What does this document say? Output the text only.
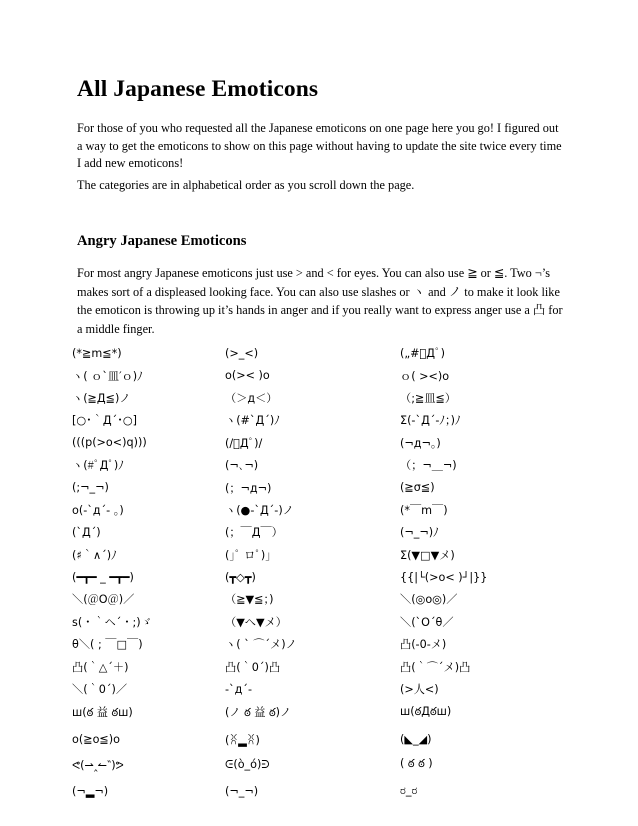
All Japanese Emoticons

For those of you who requested all the Japanese emoticons on one page here you go! I figured out a way to get the emoticons to show on this page without having to update the site twice every time I add new emoticons!

The categories are in alphabetical order as you scroll down the page.

Angry Japanese Emoticons

For most angry Japanese emoticons just use > and < for eyes. You can also use ≧ or ≦. Two ¬’s makes sort of a displeased looking face. You can also use slashes or ヽ and ノ to make it look like the emoticon is throwing up it’s hands in anger and if you really want to express anger use a 凸 for a middle finger.

(*≧m≦*)	(>_<)	(„#ﾟДﾟ)
ヽ( ｏ`皿′ｏ)ﾉ	o(>< )o	ｏ( ><)o
ヽ(≧Д≦)ノ	（＞д＜）	（;≧皿≦）
[○･｀Д´･○]	ヽ(#`Д´)ﾉ	Σ(-`Д´-ﾉ；)ﾉ
(((p(>o<)q)))	(/ﾟДﾟ)/	(¬д¬。)
ヽ(#ﾟДﾟ)ﾉ	(¬､¬)	（；¬＿¬)
(;¬_¬)	(；¬д¬)	(≧σ≦)
o(-`д´- ｡)	ヽ(●-`Д´-)ノ	(*￣m￣)
(`Д´)	(；￣Д￣）	(¬_¬)ﾉ
(♯｀∧´)ﾉ	(｣ﾟ ロﾟ)｣	Σ(▼□▼メ)
(━┳━ _ ━┳━)	(┳◇┳)	{{|└(>o< )┘|}}
＼(＠O＠)／	（≧▼≦；)	＼(◎o◎)／
s(・｀ヘ´・;)ゞ	（▼へ▼メ）	＼(`O´θ／
θ＼( ; ￣□￣)	ヽ( ` ⌒´メ)ノ	凸(-0-メ)
凸(｀△´＋)	凸(｀0´)凸	凸(｀⌒´メ)凸
＼(｀0´)／	-`д´-	(>人<)
ш(ఠ 益 ఠш)	(ノ ఠ 益 ఠ)ノ	ш(ఠДఠш)
o(≧o≦)o	(ꐦ▂ꐦ)	(◣_◢)
ᕙ(⇀‸↼‶)ᕗ	ᕮ(ò_ó)ᕭ	( ఠ ఠ )
(¬▂¬)	(¬_¬)	ರ_ರ
